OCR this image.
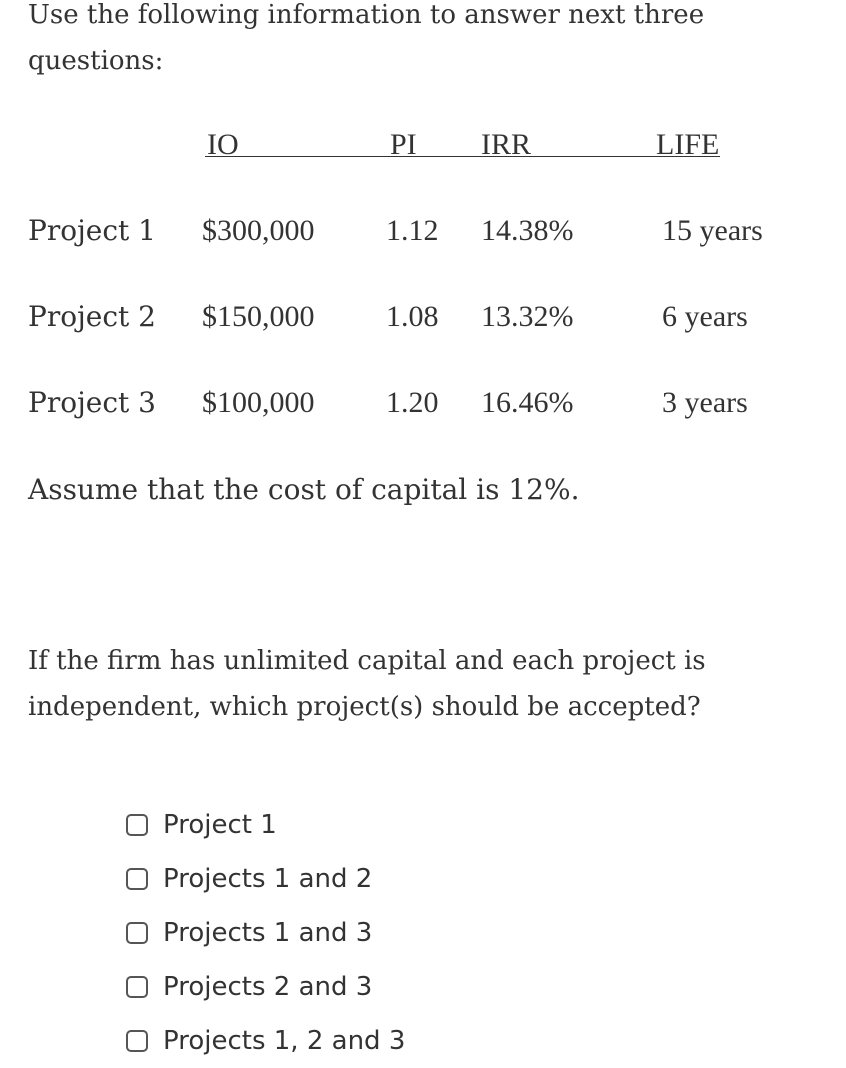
Use the following information to answer next three questions:

IO	PI IRR	LIFE
Project 1 $300,000 1.12 14.38%	15 years
Project 2 $150,000 1.08 13.32%	6 years
Project 3 $100,000 1.20 16.46%	3 years

Assume that the cost of capital is 12%.

If the firm has unlimited capital and each project is independent, which project(s) should be accepted?

Project 1
Projects 1 and 2
Projects 1 and 3
Projects 2 and 3
Projects 1, 2 and 3
